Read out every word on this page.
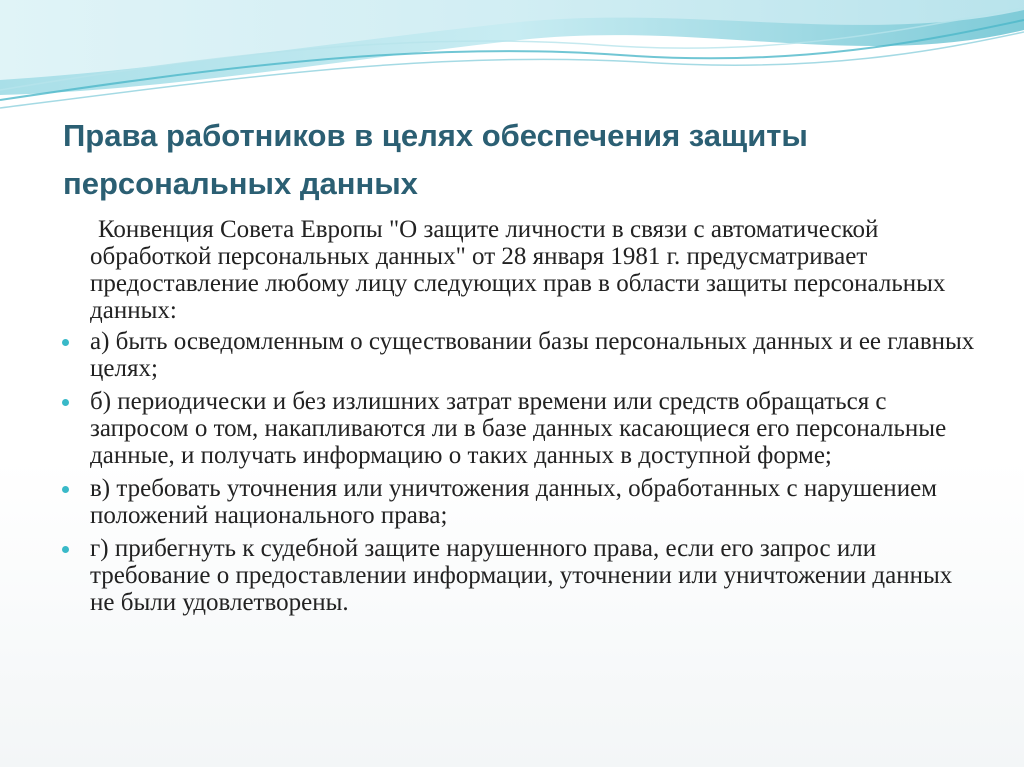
Права работников в целях обеспечения защиты персональных данных

Конвенция Совета Европы "О защите личности в связи с автоматической обработкой персональных данных" от 28 января 1981 г. предусматривает предоставление любому лицу следующих прав в области защиты персональных данных:

а) быть осведомленным о существовании базы персональных данных и ее главных целях;
б) периодически и без излишних затрат времени или средств обращаться с запросом о том, накапливаются ли в базе данных касающиеся его персональные данные, и получать информацию о таких данных в доступной форме;
в) требовать уточнения или уничтожения данных, обработанных с нарушением положений национального права;
г) прибегнуть к судебной защите нарушенного права, если его запрос или требование о предоставлении информации, уточнении или уничтожении данных не были удовлетворены.
